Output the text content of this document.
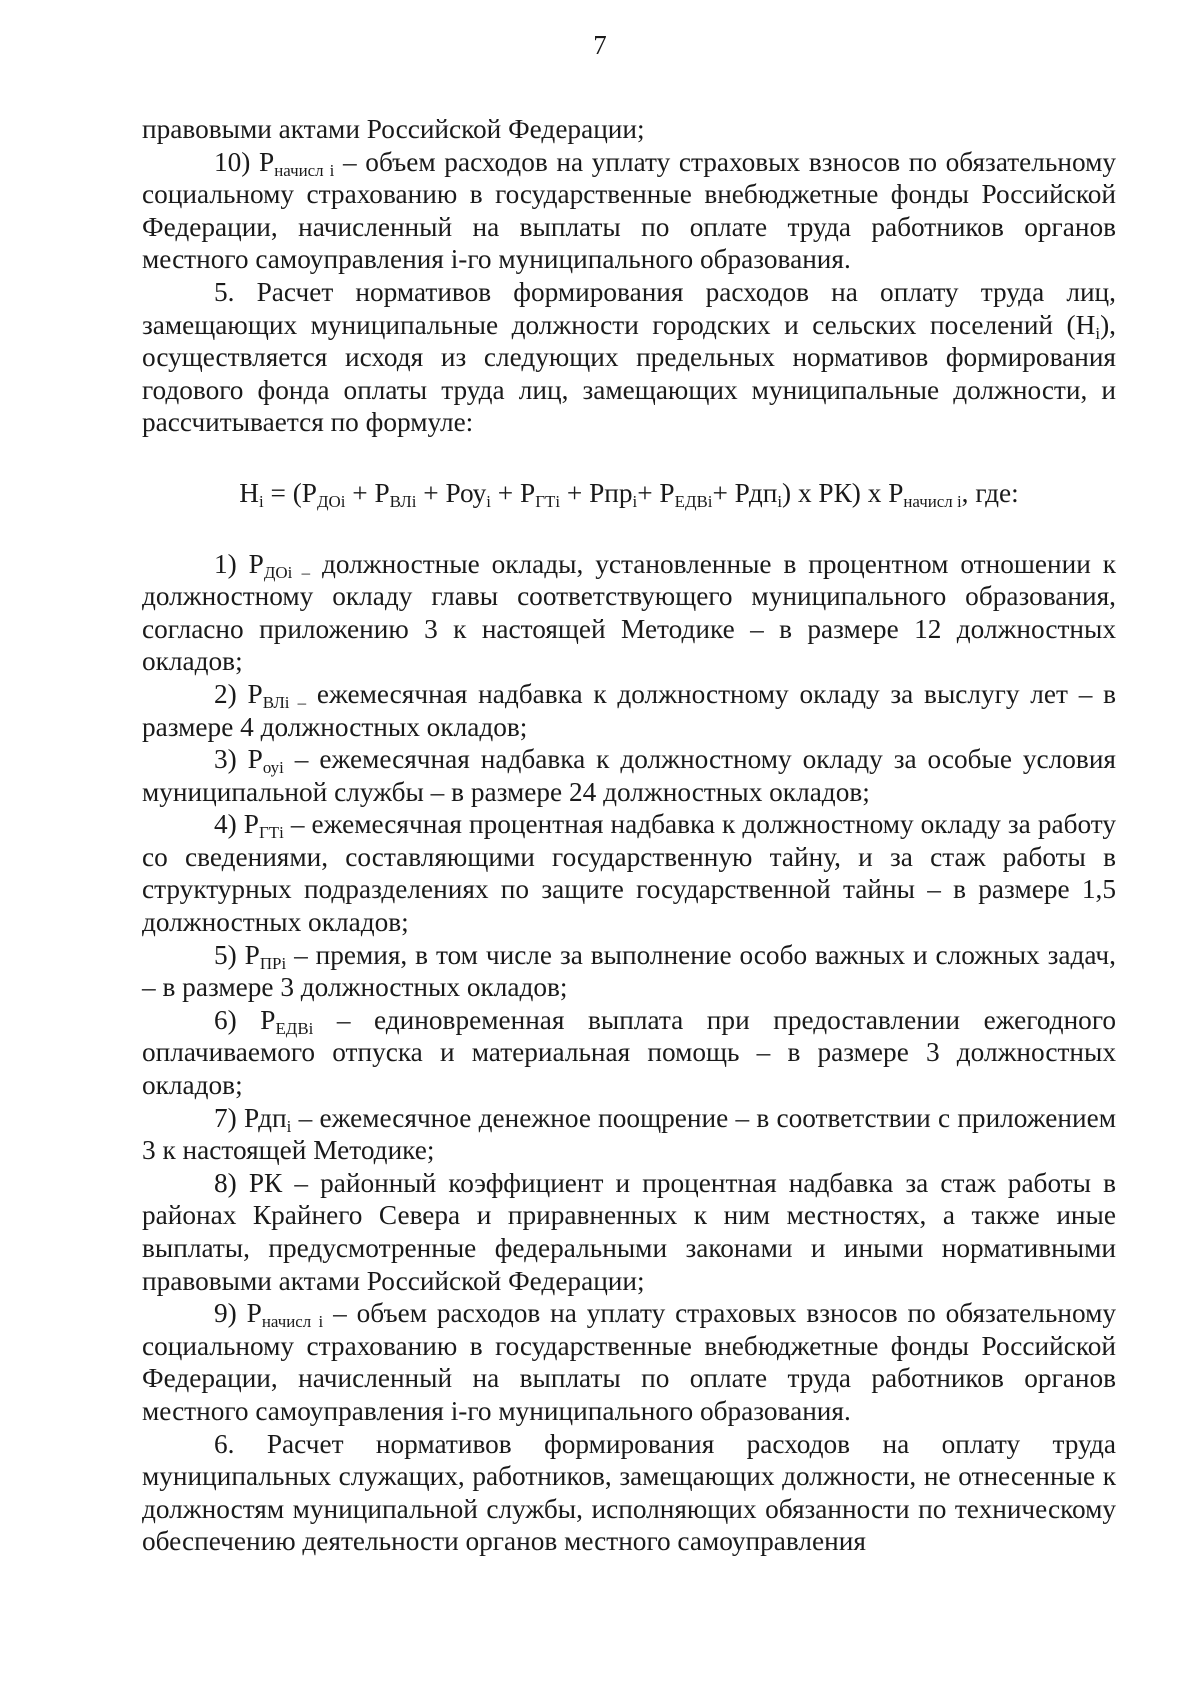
7

правовыми актами Российской Федерации;

10) $Р_{начисл i}$ – объем расходов на уплату страховых взносов по обязательному социальному страхованию в государственные внебюджетные фонды Российской Федерации, начисленный на выплаты по оплате труда работников органов местного самоуправления i-го муниципального образования.

5. Расчет нормативов формирования расходов на оплату труда лиц, замещающих муниципальные должности городских и сельских поселений $(Н_i)$, осуществляется исходя из следующих предельных нормативов формирования годового фонда оплаты труда лиц, замещающих муниципальные должности, и рассчитывается по формуле:

$Н_i = (Р_{ДОi} + Р_{ВЛi} + Роу_i + Р_{ГТi} + Рпр_i+ Р_{ЕДВi}+ Рдп_i)$ х РК) х $Р_{начисл i}$, где:

1) $Р_{ДОi -}$ должностные оклады, установленные в процентном отношении к должностному окладу главы соответствующего муниципального образования, согласно приложению 3 к настоящей Методике – в размере 12 должностных окладов;

2) $Р_{ВЛi -}$ ежемесячная надбавка к должностному окладу за выслугу лет – в размере 4 должностных окладов;

3) $Р_{оуi}$ – ежемесячная надбавка к должностному окладу за особые условия муниципальной службы – в размере 24 должностных окладов;

4) $Р_{ГТi}$ – ежемесячная процентная надбавка к должностному окладу за работу со сведениями, составляющими государственную тайну, и за стаж работы в структурных подразделениях по защите государственной тайны – в размере 1,5 должностных окладов;

5) $Р_{ПРi}$ – премия, в том числе за выполнение особо важных и сложных задач, – в размере 3 должностных окладов;

6) $Р_{ЕДВi}$ – единовременная выплата при предоставлении ежегодного оплачиваемого отпуска и материальная помощь – в размере 3 должностных окладов;

7) Рдп$_i$ – ежемесячное денежное поощрение – в соответствии с приложением 3 к настоящей Методике;

8) РК – районный коэффициент и процентная надбавка за стаж работы в районах Крайнего Севера и приравненных к ним местностях, а также иные выплаты, предусмотренные федеральными законами и иными нормативными правовыми актами Российской Федерации;

9) $Р_{начисл i}$ – объем расходов на уплату страховых взносов по обязательному социальному страхованию в государственные внебюджетные фонды Российской Федерации, начисленный на выплаты по оплате труда работников органов местного самоуправления i-го муниципального образования.

6. Расчет нормативов формирования расходов на оплату труда муниципальных служащих, работников, замещающих должности, не отнесенные к должностям муниципальной службы, исполняющих обязанности по техническому обеспечению деятельности органов местного самоуправления
